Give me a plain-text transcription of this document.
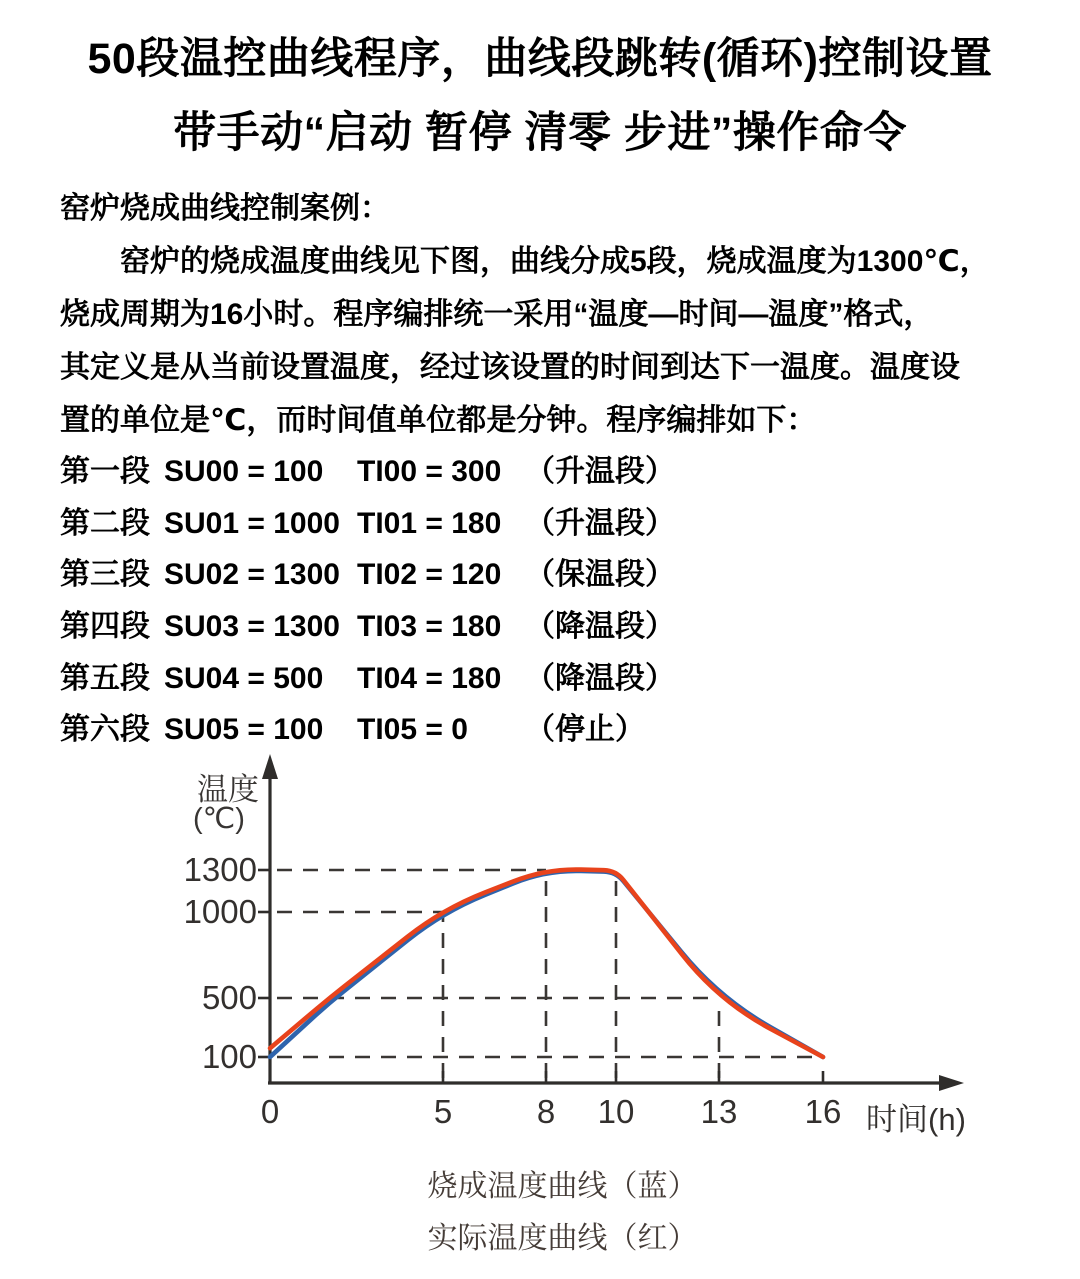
50段温控曲线程序，曲线段跳转(循环)控制设置
带手动“启动 暂停 清零 步进”操作命令
窑炉烧成曲线控制案例：
　　窑炉的烧成温度曲线见下图，曲线分成5段，烧成温度为1300℃，
烧成周期为16小时。程序编排统一采用“温度—时间—温度”格式，
其定义是从当前设置温度，经过该设置的时间到达下一温度。温度设
置的单位是℃，而时间值单位都是分钟。程序编排如下：
第一段 SU00 = 100	TI00 = 300 （升温段）
第二段 SU01 = 1000 TI01 = 180 （升温段）
第三段 SU02 = 1300 TI02 = 120 （保温段）
第四段 SU03 = 1300 TI03 = 180 （降温段）
第五段 SU04 = 500	TI04 = 180 （降温段）
第六段 SU05 = 100	TI05 = 0	（停止）
温度
(℃)
1300
1000
500
100
0	5	8 10 13 16 时间(h)
烧成温度曲线（蓝）
实际温度曲线（红）
